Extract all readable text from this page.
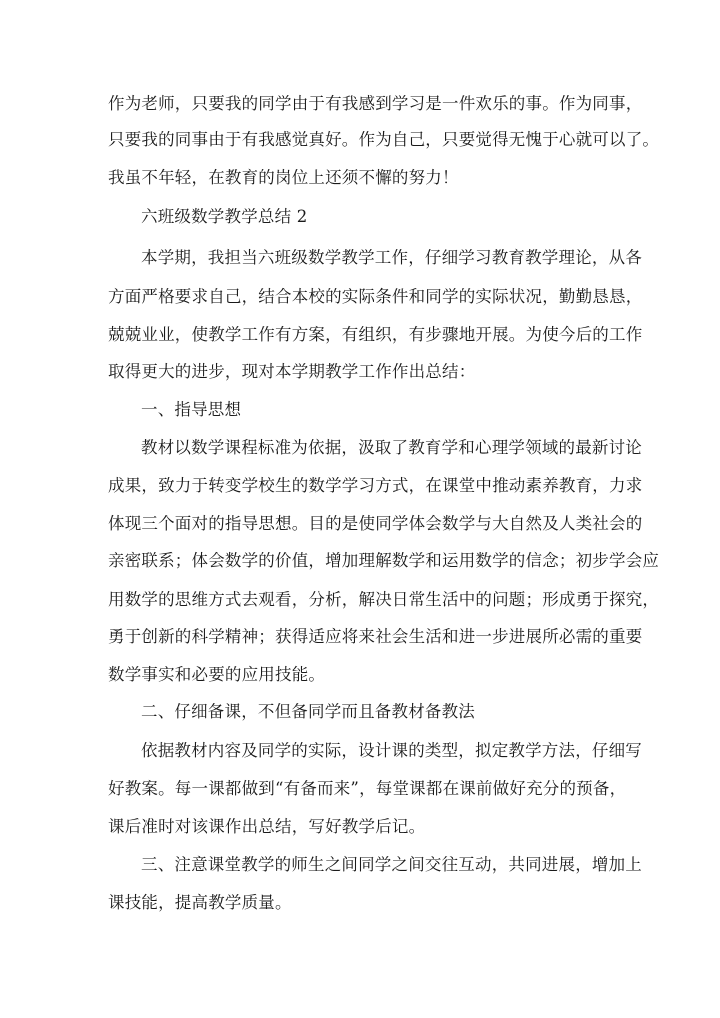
作为老师，只要我的同学由于有我感到学习是一件欢乐的事。作为同事，
只要我的同事由于有我感觉真好。作为自己，只要觉得无愧于心就可以了。
我虽不年轻，在教育的岗位上还须不懈的努力！
六班级数学教学总结 2
本学期，我担当六班级数学教学工作，仔细学习教育教学理论，从各
方面严格要求自己，结合本校的实际条件和同学的实际状况，勤勤恳恳，
兢兢业业，使教学工作有方案，有组织，有步骤地开展。为使今后的工作
取得更大的进步，现对本学期教学工作作出总结：
一、指导思想
教材以数学课程标准为依据，汲取了教育学和心理学领域的最新讨论
成果，致力于转变学校生的数学学习方式，在课堂中推动素养教育，力求
体现三个面对的指导思想。目的是使同学体会数学与大自然及人类社会的
亲密联系；体会数学的价值，增加理解数学和运用数学的信念；初步学会应
用数学的思维方式去观看，分析，解决日常生活中的问题；形成勇于探究，
勇于创新的科学精神；获得适应将来社会生活和进一步进展所必需的重要
数学事实和必要的应用技能。
二、仔细备课，不但备同学而且备教材备教法
依据教材内容及同学的实际，设计课的类型，拟定教学方法，仔细写
好教案。每一课都做到“有备而来”，每堂课都在课前做好充分的预备，
课后准时对该课作出总结，写好教学后记。
三、注意课堂教学的师生之间同学之间交往互动，共同进展，增加上
课技能，提高教学质量。
